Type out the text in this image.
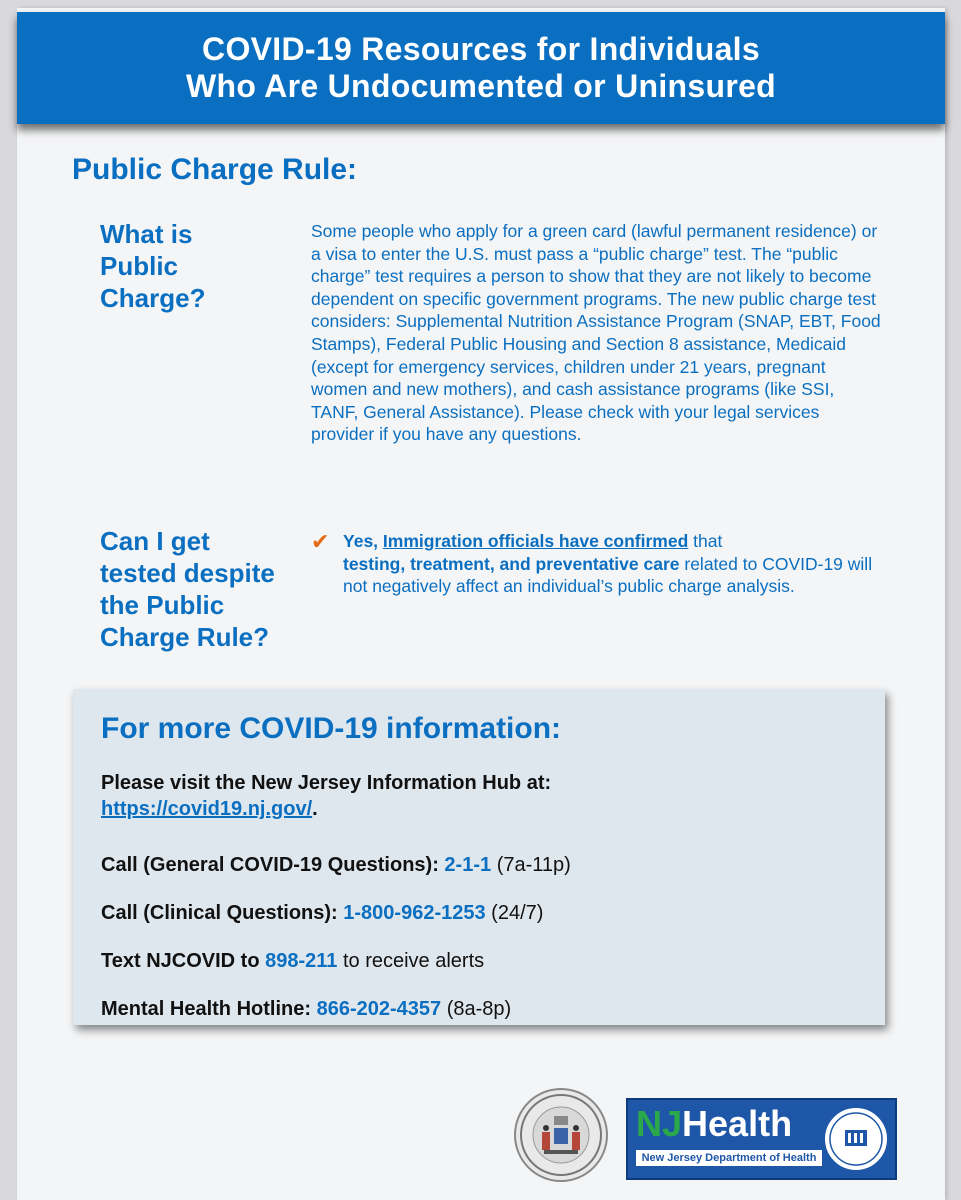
COVID-19 Resources for Individuals
Who Are Undocumented or Uninsured
Public Charge Rule:
What is
Public
Charge?
Some people who apply for a green card (lawful permanent residence) or a visa to enter the U.S. must pass a “public charge” test. The “public charge” test requires a person to show that they are not likely to become dependent on specific government programs. The new public charge test considers: Supplemental Nutrition Assistance Program (SNAP, EBT, Food Stamps), Federal Public Housing and Section 8 assistance, Medicaid (except for emergency services, children under 21 years, pregnant women and new mothers), and cash assistance programs (like SSI, TANF, General Assistance). Please check with your legal services provider if you have any questions.
Can I get
tested despite
the Public
Charge Rule?
✔ Yes, Immigration officials have confirmed that
testing, treatment, and preventative care related to COVID-19 will not negatively affect an individual’s public charge analysis.
For more COVID-19 information:
Please visit the New Jersey Information Hub at:
https://covid19.nj.gov/.
Call (General COVID-19 Questions): 2-1-1 (7a-11p)
Call (Clinical Questions): 1-800-962-1253 (24/7)
Text NJCOVID to 898-211 to receive alerts
Mental Health Hotline: 866-202-4357 (8a-8p)
NJHealth
New Jersey Department of Health
